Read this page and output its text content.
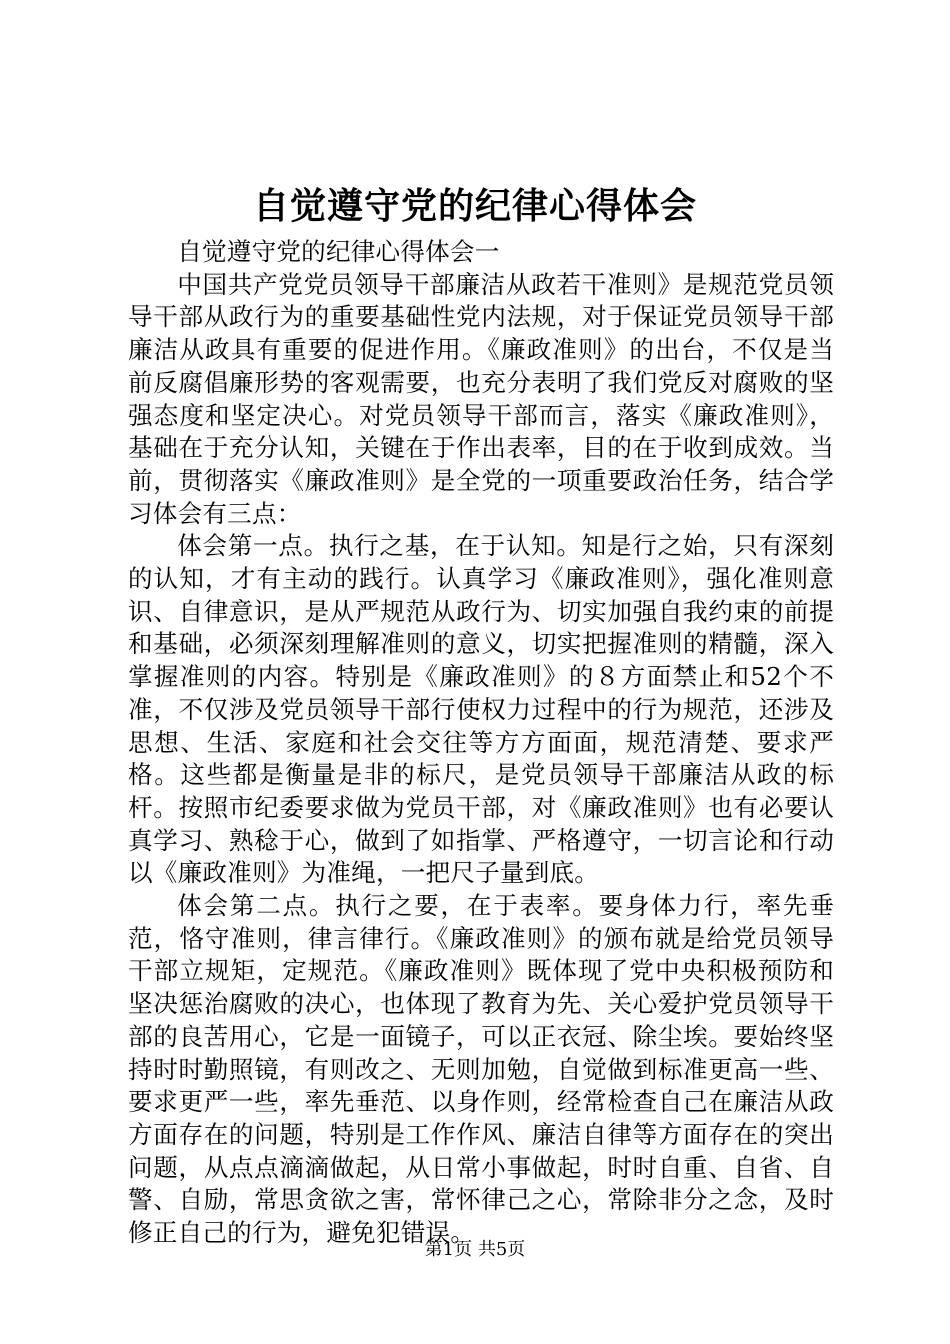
自觉遵守党的纪律心得体会

自觉遵守党的纪律心得体会一

中国共产党党员领导干部廉洁从政若干准则》是规范党员领导干部从政行为的重要基础性党内法规，对于保证党员领导干部廉洁从政具有重要的促进作用。《廉政准则》的出台，不仅是当前反腐倡廉形势的客观需要，也充分表明了我们党反对腐败的坚强态度和坚定决心。对党员领导干部而言，落实《廉政准则》，基础在于充分认知，关键在于作出表率，目的在于收到成效。当前，贯彻落实《廉政准则》是全党的一项重要政治任务，结合学习体会有三点：

体会第一点。执行之基，在于认知。知是行之始，只有深刻的认知，才有主动的践行。认真学习《廉政准则》，强化准则意识、自律意识，是从严规范从政行为、切实加强自我约束的前提和基础，必须深刻理解准则的意义，切实把握准则的精髓，深入掌握准则的内容。特别是《廉政准则》的８方面禁止和52个不准，不仅涉及党员领导干部行使权力过程中的行为规范，还涉及思想、生活、家庭和社会交往等方方面面，规范清楚、要求严格。这些都是衡量是非的标尺，是党员领导干部廉洁从政的标杆。按照市纪委要求做为党员干部，对《廉政准则》也有必要认真学习、熟稔于心，做到了如指掌、严格遵守，一切言论和行动以《廉政准则》为准绳，一把尺子量到底。

体会第二点。执行之要，在于表率。要身体力行，率先垂范，恪守准则，律言律行。《廉政准则》的颁布就是给党员领导干部立规矩，定规范。《廉政准则》既体现了党中央积极预防和坚决惩治腐败的决心，也体现了教育为先、关心爱护党员领导干部的良苦用心，它是一面镜子，可以正衣冠、除尘埃。要始终坚持时时勤照镜，有则改之、无则加勉，自觉做到标准更高一些、要求更严一些，率先垂范、以身作则，经常检查自己在廉洁从政方面存在的问题，特别是工作作风、廉洁自律等方面存在的突出问题，从点点滴滴做起，从日常小事做起，时时自重、自省、自警、自励，常思贪欲之害，常怀律己之心，常除非分之念，及时修正自己的行为，避免犯错误。

第1页 共5页
